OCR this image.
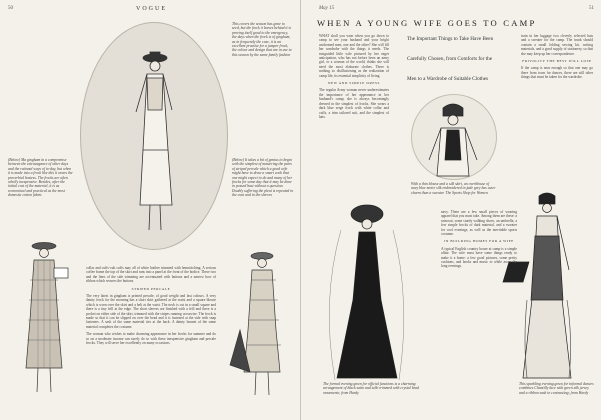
50	VOGUE
This covers the season has gone to seed, but the frock it leaves behind it is proving itself good to the emergency, the days when the frock is of gingham, as in frequently the case, it is an excellent practise for a jumper frock, the colour and design that are in use in this season by the same family fashion
(Below) Ma gingham in a compromise between the extravagance of other days and the rational ways of to-day, but when it is made into a frock like this it wears the proverbial hostess. The frocks are often wholly inexpensive. Besides, after the initial cost of the material, it is as economical and practical as the most domestic cotton fabric
(Below) It takes a bit of genius to begin with the simplest of mastering the pairs of striped percale which a good wife might have to draw a smart cook that one might expect to do and many of her frocks for some day that it may be done in possed bast without a question. Doubly suffering the pleat is repeated in the coat and in the sleeves

collar and cuffs-cult cuffs may all of white leather trimmed with hemstitching. A serious coffee frame the top of the skirt and runs into a panel at the front of the bodice. These two and the lines of the side trimming are accentuated with buttons and a narrow bow of ribbon which secures the buttons.

STRIPED PERCALE

The very latest in gingham is printed percale, of good weight and fast colours. A very dainty frock for the morning has a short skirt gathered at the waist and a square blouse which is worn over the skirt and a belt at the waist. The neck is cut in a small square and there is a tiny frill at the edge. The short sleeves are finished with a frill and there is a pocket on either side of the skirt, trimmed with the stripes running crosswise. The frock is made so that it can be slipped on over the head and it is fastened at the side with snap fasteners. A sash of the same material ties at the back. A dainty bonnet of the same material completes the costume.

The woman who wishes to make charming appearance in her frocks for summer and do so on a moderate income can surely do so with these inexpensive gingham and percale frocks. They will serve her excellently on many occasions.

May 15	51
WHEN A YOUNG WIFE GOES TO CAMP

WHAT shall you wear when you go down to camp to see your husband and your bright uniformed men, one and the other? She will fill her wardrobe with the things it needs. The misguided little wife pictured by her eager anticipation, who has not before been an army girl, or a woman of the world, thinks she will need the most elaborate clothes. There is nothing so disillusioning as the realization of camp life, its essential simplicity of living.

NEW AND SIMPLE DRESS

The regular Army woman never underestimates the importance of her appearance in her husband's camp; she is always becomingly dressed in the simplest of frocks. She wears a dark blue serge frock with white collar and cuffs, a trim tailored suit, and the simplest of hats.

The Important Things to Take Have Been
Carefully Chosen, from Comforts for the
Men to a Wardrobe of Suitable Clothes

train in her luggage two cleverly selected hats and a sweater for the camp. The trunk should contain a small folding sewing kit, writing materials, and a good supply of stationery, so that she may keep up her correspondence.

FRIVOLITY THE BEST WILL LOSE

If the camp is near enough so that one may go there from town for dances, there are still other things that must be taken for the wardrobe.

With a thin blouse and a silk skirt, an overblouse of navy blue moire silk embroidered in jade grey has cuter charm than a sweater. The Sports Shop for Women

navy. There are a few small pieces of wearing apparel that you must take. Among them are these: a raincoat, some sturdy walking shoes, an umbrella, a few simple frocks of dark material, and a sweater for cool evenings, as well as the inevitable sports costume.

IN BUILDING HOMES FOR A WIFE

A typical English country house at camp is a simple affair. The wife must have some things ready to make it a home: a few good pictures, some pretty cushions, and books and music to while away the long evenings.

The formal evening gown for official functions is a charming arrangement of black satin and tulle trimmed with crystal bead ornaments; from Hardy
This sparkling evening gown for informal dances combines Chantilly lace with green silk jersey and a ribbon sash in contrasting; from Hardy
